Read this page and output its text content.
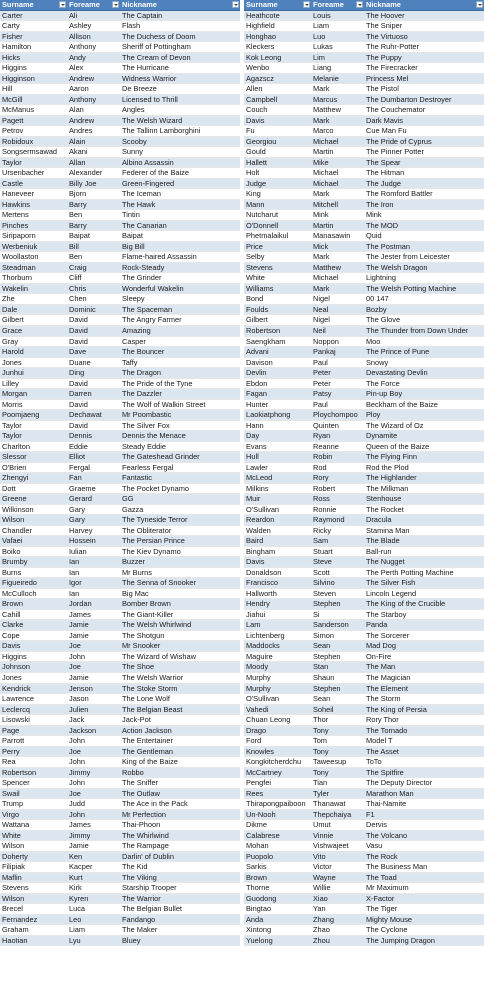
Surname	Foreame	Nickname
Carter	Ali	The Captain
Carty	Ashley	Flash
Fisher	Allison	The Duchess of Doom
Hamilton	Anthony	Sheriff of Pottingham
Hicks	Andy	The Cream of Devon
Higgins	Alex	The Hurricane
Higginson	Andrew	Widness Warrior
Hill	Aaron	De Breeze
McGill	Anthony	Licensed to Thrill
McManus	Alan	Angles
Pagett	Andrew	The Welsh Wizard
Petrov	Andres	The Tallinn Lamborghini
Robidoux	Alain	Scooby
Songsermsawad	Akani	Sunny
Taylor	Allan	Albino Assassin
Ursenbacher	Alexander	Federer of the Baize
Castle	Billy Joe	Green-Fingered
Haneveer	Bjorn	The Iceman
Hawkins	Barry	The Hawk
Mertens	Ben	Tintin
Pinches	Barry	The Canarian
Siripaporn	Baipat	Baipat
Werbeniuk	Bill	Big Bill
Woollaston	Ben	Flame-haired Assassin
Steadman	Craig	Rock-Steady
Thorburn	Cliff	The Grinder
Wakelin	Chris	Wonderful Wakelin
Zhe	Chen	Sleepy
Dale	Dominic	The Spaceman
Gilbert	David	The Angry Farmer
Grace	David	Amazing
Gray	David	Casper
Harold	Dave	The Bouncer
Jones	Duane	Taffy
Junhui	Ding	The Dragon
Lilley	David	The Pride of the Tyne
Morgan	Darren	The Dazzler
Morris	David	The Wolf of Walkin Street
Poomjaeng	Dechawat	Mr Poombastic
Taylor	David	The Silver Fox
Taylor	Dennis	Dennis the Menace
Charlton	Eddie	Steady Eddie
Slessor	Elliot	The Gateshead Grinder
O'Brien	Fergal	Fearless Fergal
Zhengyi	Fan	Fantastic
Dott	Graeme	The Pocket Dynamo
Greene	Gerard	GG
Wilkinson	Gary	Gazza
Wilson	Gary	The Tyneside Terror
Chandler	Harvey	The Obliterator
Vafaei	Hossein	The Persian Prince
Boiko	Iulian	The Kiev Dynamo
Brumby	Ian	Buzzer
Burns	Ian	Mr Burns
Figueiredo	Igor	The Senna of Snooker
McCulloch	Ian	Big Mac
Brown	Jordan	Bomber Brown
Cahill	James	The Giant-Killer
Clarke	Jamie	The Welsh Whirlwind
Cope	Jamie	The Shotgun
Davis	Joe	Mr Snooker
Higgins	John	The Wizard of Wishaw
Johnson	Joe	The Shoe
Jones	Jamie	The Welsh Warrior
Kendrick	Jenson	The Stoke Storm
Lawrence	Jason	The Lone Wolf
Leclercq	Julien	The Belgian Beast
Lisowski	Jack	Jack-Pot
Page	Jackson	Action Jackson
Parrott	John	The Entertainer
Perry	Joe	The Gentleman
Rea	John	King of the Baize
Robertson	Jimmy	Robbo
Spencer	John	The Sniffer
Swail	Joe	The Outlaw
Trump	Judd	The Ace in the Pack
Virgo	John	Mr Perfection
Wattana	James	Thai-Phoon
White	Jimmy	The Whirlwind
Wilson	Jamie	The Rampage
Doherty	Ken	Darlin' of Dublin
Filipiak	Kacper	The Kid
Maflin	Kurt	The Viking
Stevens	Kirk	Starship Trooper
Wilson	Kyren	The Warrior
Brecel	Luca	The Belgian Bullet
Fernandez	Leo	Fandango
Graham	Liam	The Maker
Haotian	Lyu	Bluey
Surname	Foreame	Nickname
Heathcote	Louis	The Hoover
Highfield	Liam	The Sniper
Honghao	Luo	The Virtuoso
Kleckers	Lukas	The Ruhr-Potter
Kok Leong	Lim	The Puppy
Wenbo	Liang	The Firecracker
Agazscz	Melanie	Princess Mel
Allen	Mark	The Pistol
Campbell	Marcus	The Dumbarton Destroyer
Couch	Matthew	The Couchemator
Davis	Mark	Dark Mavis
Fu	Marco	Cue Man Fu
Georgiou	Michael	The Pride of Cyprus
Gould	Martin	The Pinner Potter
Hallett	Mike	The Spear
Holt	Michael	The Hitman
Judge	Michael	The Judge
King	Mark	The Romford Battler
Mann	Mitchell	The Iron
Nutcharut	Mink	Mink
O'Donnell	Martin	The MOD
Phetmalaikul	Manasawin	Quid
Price	Mick	The Postman
Selby	Mark	The Jester from Leicester
Stevens	Matthew	The Welsh Dragon
White	Michael	Lightning
Williams	Mark	The Welsh Potting Machine
Bond	Nigel	00 147
Foulds	Neal	Bozby
Gilbert	Nigel	The Glove
Robertson	Neil	The Thunder from Down Under
Saengkham	Noppon	Moo
Advani	Pankaj	The Prince of Pune
Davison	Paul	Snowy
Devlin	Peter	Devastating Devlin
Ebdon	Peter	The Force
Fagan	Patsy	Pin-up Boy
Hunter	Paul	Beckham of the Baize
Laokiatphong	Ploychompoo	Ploy
Hann	Quinten	The Wizard of Oz
Day	Ryan	Dynamite
Evans	Reanne	Queen of the Baize
Hull	Robin	The Flying Finn
Lawler	Rod	Rod the Plod
McLeod	Rory	The Highlander
Milkins	Robert	The Milkman
Muir	Ross	Stenhouse
O'Sullivan	Ronnie	The Rocket
Reardon	Raymond	Dracula
Walden	Ricky	Stamina Man
Baird	Sam	The Blade
Bingham	Stuart	Ball-run
Davis	Steve	The Nugget
Donaldson	Scott	The Perth Potting Machine
Francisco	Silvino	The Silver Fish
Hallworth	Steven	Lincoln Legend
Hendry	Stephen	The King of the Crucible
Jiahui	Si	The Starboy
Lam	Sanderson	Panda
Lichtenberg	Simon	The Sorcerer
Maddocks	Sean	Mad Dog
Maguire	Stephen	On-Fire
Moody	Stan	The Man
Murphy	Shaun	The Magician
Murphy	Stephen	The Element
O'Sullivan	Sean	The Storm
Vahedi	Soheil	The King of Persia
Chuan Leong	Thor	Rory Thor
Drago	Tony	The Tornado
Ford	Tom	Model T
Knowles	Tony	The Asset
Kongkitcherdchu	Taweesup	ToTo
McCartney	Tony	The Spitfire
Pengfei	Tian	The Deputy Director
Rees	Tyler	Marathon Man
Thirapongpaiboon	Thanawat	Thai-Namite
Un-Nooh	Thepchaiya	F1
Dikme	Umut	Dervis
Calabrese	Vinnie	The Volcano
Mohan	Vishwajeet	Vasu
Puopolo	Vito	The Rock
Sarkis	Victor	The Business Man
Brown	Wayne	The Toad
Thorne	Willie	Mr Maximum
Guodong	Xiao	X-Factor
Bingtao	Yan	The Tiger
Anda	Zhang	Mighty Mouse
Xintong	Zhao	The Cyclone
Yuelong	Zhou	The Jumping Dragon
